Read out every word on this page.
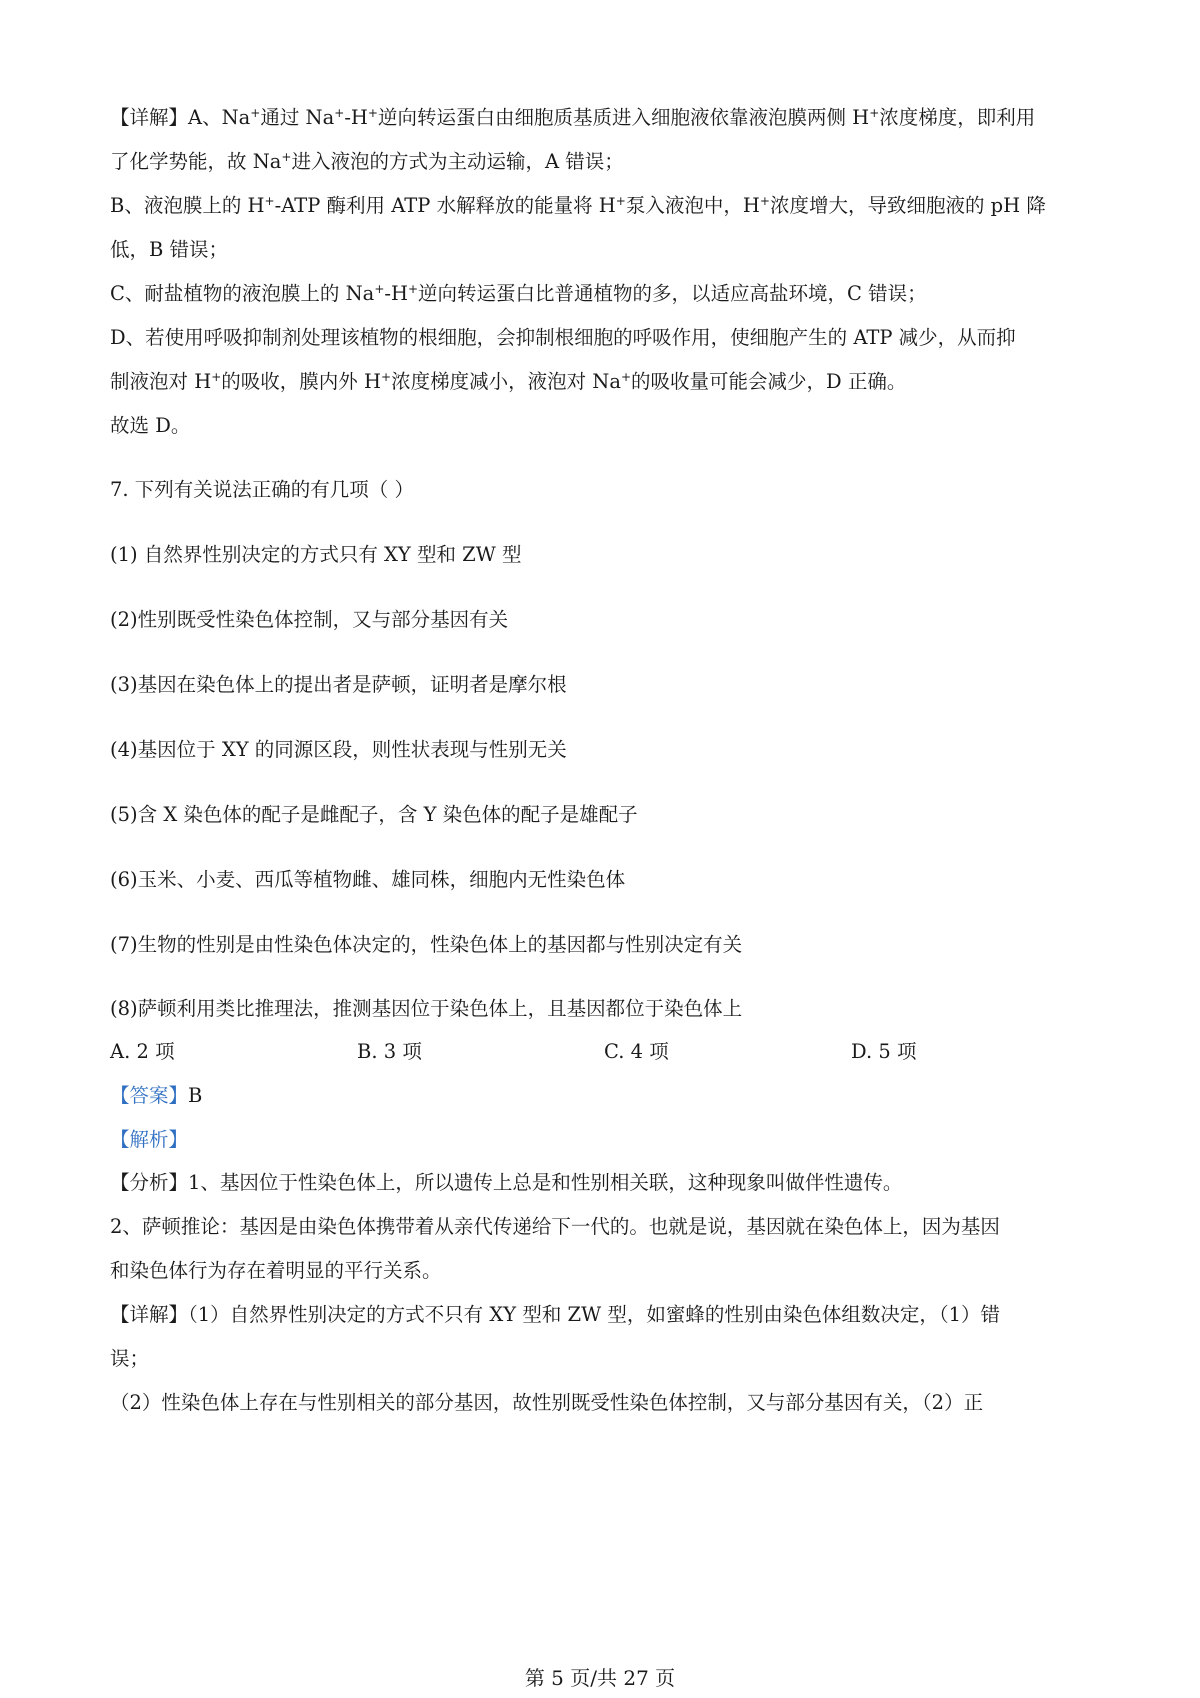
【详解】A、Na+通过 Na+-H+逆向转运蛋白由细胞质基质进入细胞液依靠液泡膜两侧 H+浓度梯度，即利用
了化学势能，故 Na+进入液泡的方式为主动运输，A 错误；
B、液泡膜上的 H+-ATP 酶利用 ATP 水解释放的能量将 H+泵入液泡中，H+浓度增大，导致细胞液的 pH 降
低，B 错误；
C、耐盐植物的液泡膜上的 Na+-H+逆向转运蛋白比普通植物的多，以适应高盐环境，C 错误；
D、若使用呼吸抑制剂处理该植物的根细胞，会抑制根细胞的呼吸作用，使细胞产生的 ATP 减少，从而抑
制液泡对 H+的吸收，膜内外 H+浓度梯度减小，液泡对 Na+的吸收量可能会减少，D 正确。
故选 D。
7. 下列有关说法正确的有几项（ ）
(1) 自然界性别决定的方式只有 XY 型和 ZW 型
(2)性别既受性染色体控制，又与部分基因有关
(3)基因在染色体上的提出者是萨顿，证明者是摩尔根
(4)基因位于 XY 的同源区段，则性状表现与性别无关
(5)含 X 染色体的配子是雌配子，含 Y 染色体的配子是雄配子
(6)玉米、小麦、西瓜等植物雌、雄同株，细胞内无性染色体
(7)生物的性别是由性染色体决定的，性染色体上的基因都与性别决定有关
(8)萨顿利用类比推理法，推测基因位于染色体上，且基因都位于染色体上
A. 2 项	B. 3 项	C. 4 项	D. 5 项
【答案】B
【解析】
【分析】1、基因位于性染色体上，所以遗传上总是和性别相关联，这种现象叫做伴性遗传。
2、萨顿推论：基因是由染色体携带着从亲代传递给下一代的。也就是说，基因就在染色体上，因为基因
和染色体行为存在着明显的平行关系。
【详解】（1）自然界性别决定的方式不只有 XY 型和 ZW 型，如蜜蜂的性别由染色体组数决定，（1）错
误；
（2）性染色体上存在与性别相关的部分基因，故性别既受性染色体控制，又与部分基因有关，（2）正
第 5 页/共 27 页
